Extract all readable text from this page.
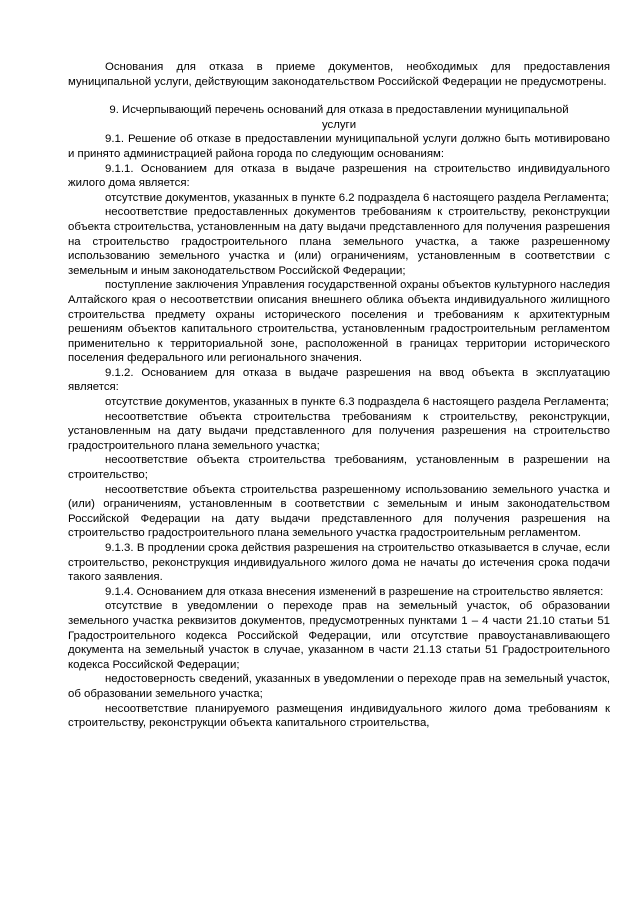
Основания для отказа в приеме документов, необходимых для предоставления муниципальной услуги, действующим законодательством Российской Федерации не предусмотрены.

9. Исчерпывающий перечень оснований для отказа в предоставлении муниципальной услуги

9.1. Решение об отказе в предоставлении муниципальной услуги должно быть мотивировано и принято администрацией района города по следующим основаниям:

9.1.1. Основанием для отказа в выдаче разрешения на строительство индивидуального жилого дома является:

отсутствие документов, указанных в пункте 6.2 подраздела 6 настоящего раздела Регламента;

несоответствие предоставленных документов требованиям к строительству, реконструкции объекта строительства, установленным на дату выдачи представленного для получения разрешения на строительство градостроительного плана земельного участка, а также разрешенному использованию земельного участка и (или) ограничениям, установленным в соответствии с земельным и иным законодательством Российской Федерации;

поступление заключения Управления государственной охраны объектов культурного наследия Алтайского края о несоответствии описания внешнего облика объекта индивидуального жилищного строительства предмету охраны исторического поселения и требованиям к архитектурным решениям объектов капитального строительства, установленным градостроительным регламентом применительно к территориальной зоне, расположенной в границах территории исторического поселения федерального или регионального значения.

9.1.2. Основанием для отказа в выдаче разрешения на ввод объекта в эксплуатацию является:

отсутствие документов, указанных в пункте 6.3 подраздела 6 настоящего раздела Регламента;

несоответствие объекта строительства требованиям к строительству, реконструкции, установленным на дату выдачи представленного для получения разрешения на строительство градостроительного плана земельного участка;

несоответствие объекта строительства требованиям, установленным в разрешении на строительство;

несоответствие объекта строительства разрешенному использованию земельного участка и (или) ограничениям, установленным в соответствии с земельным и иным законодательством Российской Федерации на дату выдачи представленного для получения разрешения на строительство градостроительного плана земельного участка градостроительным регламентом.

9.1.3. В продлении срока действия разрешения на строительство отказывается в случае, если строительство, реконструкция индивидуального жилого дома не начаты до истечения срока подачи такого заявления.

9.1.4. Основанием для отказа внесения изменений в разрешение на строительство является:

отсутствие в уведомлении о переходе прав на земельный участок, об образовании земельного участка реквизитов документов, предусмотренных пунктами 1 – 4 части 21.10 статьи 51 Градостроительного кодекса Российской Федерации, или отсутствие правоустанавливающего документа на земельный участок в случае, указанном в части 21.13 статьи 51 Градостроительного кодекса Российской Федерации;

недостоверность сведений, указанных в уведомлении о переходе прав на земельный участок, об образовании земельного участка;

несоответствие планируемого размещения индивидуального жилого дома требованиям к строительству, реконструкции объекта капитального строительства,
